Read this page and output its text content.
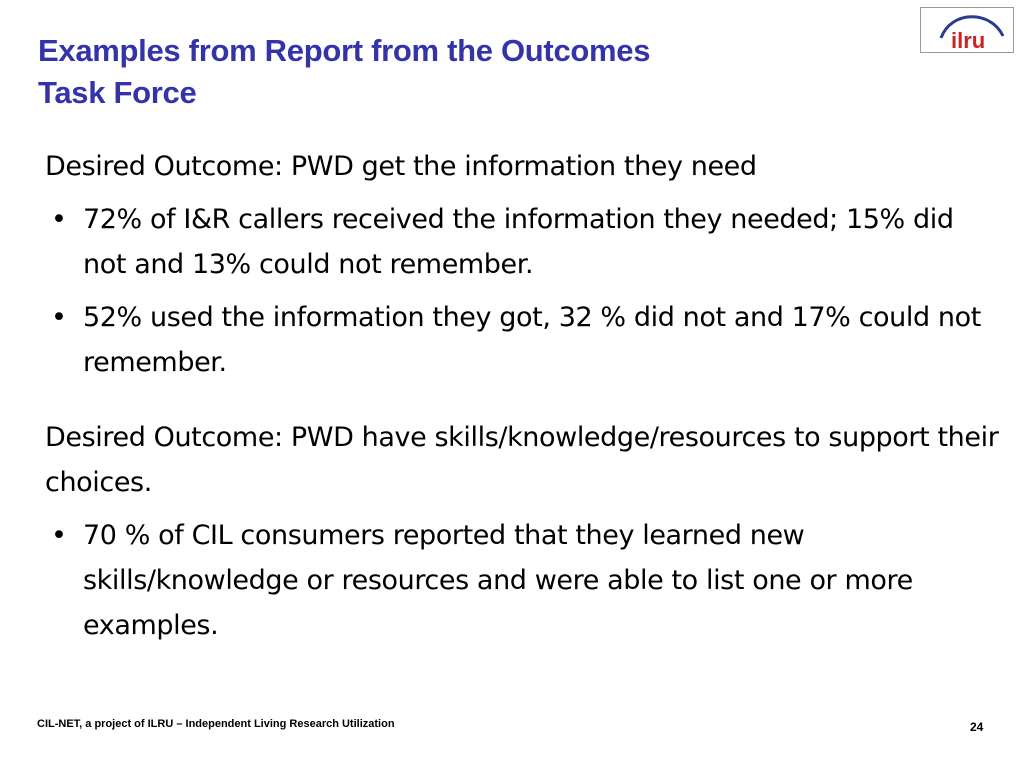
Examples from Report from the Outcomes
Task Force
ilru

Desired Outcome: PWD get the information they need

• 72% of I&R callers received the information they needed; 15% did not and 13% could not remember.
• 52% used the information they got, 32 % did not and 17% could not remember.

Desired Outcome: PWD have skills/knowledge/resources to support their choices.

• 70 % of CIL consumers reported that they learned new skills/knowledge or resources and were able to list one or more examples.
CIL-NET, a project of ILRU – Independent Living Research Utilization	24
